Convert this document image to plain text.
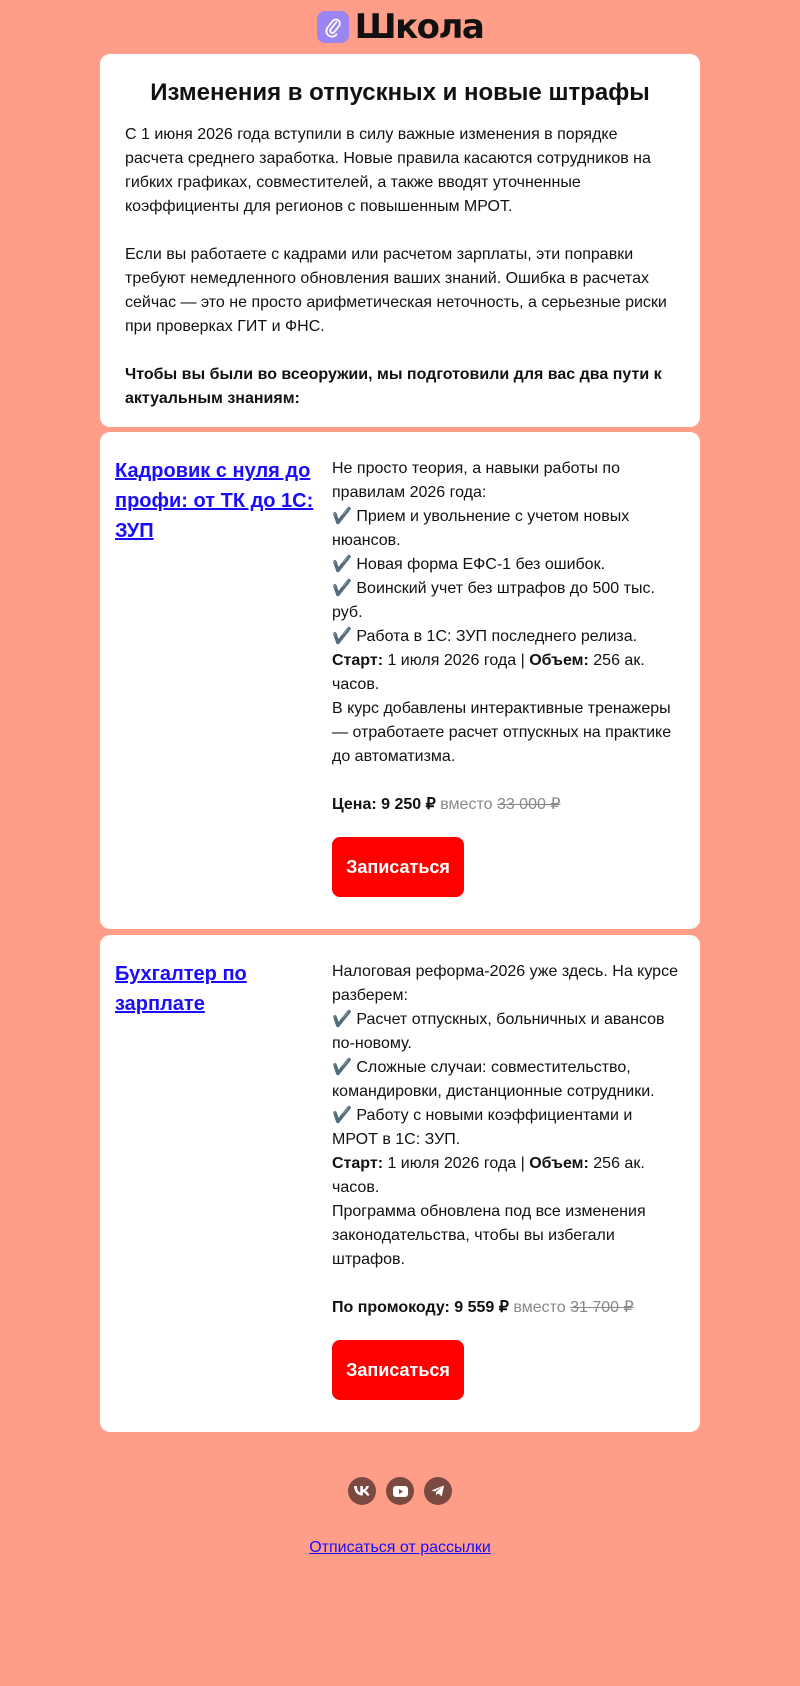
Школа
Изменения в отпускных и новые штрафы

С 1 июня 2026 года вступили в силу важные изменения в порядке расчета среднего заработка. Новые правила касаются сотрудников на гибких графиках, совместителей, а также вводят уточненные коэффициенты для регионов с повышенным МРОТ.

Если вы работаете с кадрами или расчетом зарплаты, эти поправки требуют немедленного обновления ваших знаний. Ошибка в расчетах сейчас — это не просто арифметическая неточность, а серьезные риски при проверках ГИТ и ФНС.

Чтобы вы были во всеоружии, мы подготовили для вас два пути к актуальным знаниям:

Кадровик с нуля до профи: от ТК до 1С: ЗУП
Не просто теория, а навыки работы по правилам 2026 года:
✔️ Прием и увольнение с учетом новых нюансов.
✔️ Новая форма ЕФС-1 без ошибок.
✔️ Воинский учет без штрафов до 500 тыс. руб.
✔️ Работа в 1С: ЗУП последнего релиза.
Старт: 1 июля 2026 года | Объем: 256 ак. часов.
В курс добавлены интерактивные тренажеры — отработаете расчет отпускных на практике до автоматизма.
Цена: 9 250 ₽ вместо 33 000 ₽
Записаться
Бухгалтер по зарплате
Налоговая реформа-2026 уже здесь. На курсе разберем:
✔️ Расчет отпускных, больничных и авансов по-новому.
✔️ Сложные случаи: совместительство, командировки, дистанционные сотрудники.
✔️ Работу с новыми коэффициентами и МРОТ в 1С: ЗУП.
Старт: 1 июля 2026 года | Объем: 256 ак. часов.
Программа обновлена под все изменения законодательства, чтобы вы избегали штрафов.
По промокоду: 9 559 ₽ вместо 31 700 ₽
Записаться
Отписаться от рассылки
